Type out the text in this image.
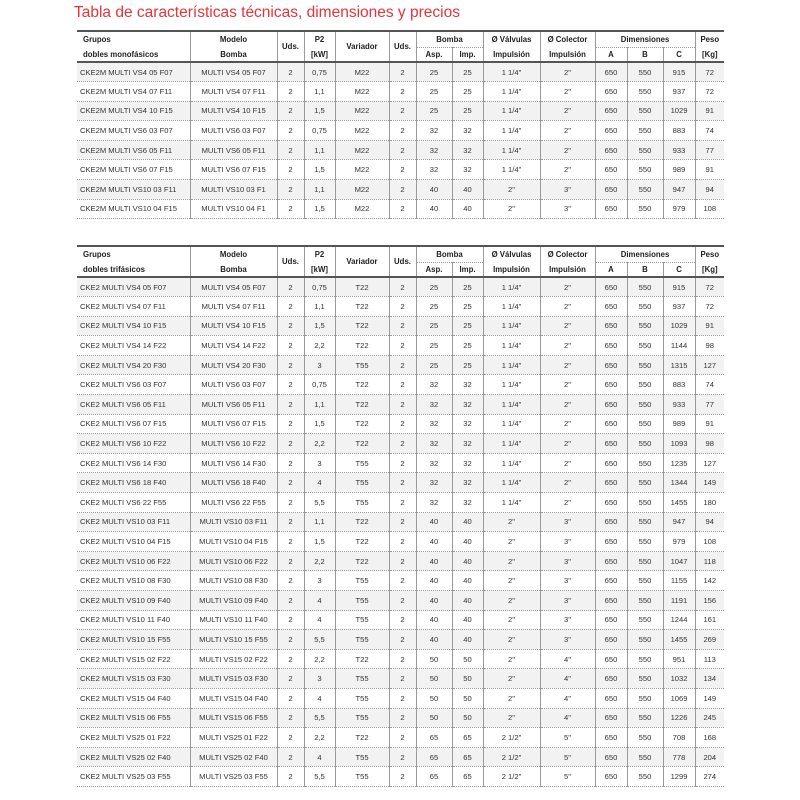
Tabla de características técnicas, dimensiones y precios
Grupos	Modelo	Uds.	P2	Variador	Uds.	Bomba		Ø Válvulas	Ø Colector	Dimensiones			Peso
dobles monofásicos	Bomba		[kW]			Asp.	Imp.	Impulsión	Impulsión	A	B	C	[Kg]
CKE2M MULTI VS4 05 F07	MULTI VS4 05 F07	2	0,75	M22	2	25	25	1 1/4"	2"	650	550	915	72
CKE2M MULTI VS4 07 F11	MULTI VS4 07 F11	2	1,1	M22	2	25	25	1 1/4"	2"	650	550	937	72
CKE2M MULTI VS4 10 F15	MULTI VS4 10 F15	2	1,5	M22	2	25	25	1 1/4"	2"	650	550	1029	91
CKE2M MULTI VS6 03 F07	MULTI VS6 03 F07	2	0,75	M22	2	32	32	1 1/4"	2"	650	550	883	74
CKE2M MULTI VS6 05 F11	MULTI VS6 05 F11	2	1,1	M22	2	32	32	1 1/4"	2"	650	550	933	77
CKE2M MULTI VS6 07 F15	MULTI VS6 07 F15	2	1,5	M22	2	32	32	1 1/4"	2"	650	550	989	91
CKE2M MULTI VS10 03 F11	MULTI VS10 03 F1	2	1,1	M22	2	40	40	2"	3"	650	550	947	94
CKE2M MULTI VS10 04 F15	MULTI VS10 04 F1	2	1,5	M22	2	40	40	2"	3"	650	550	979	108
Grupos	Modelo	Uds.	P2	Variador	Uds.	Bomba		Ø Válvulas	Ø Colector	Dimensiones			Peso
dobles trifásicos	Bomba		[kW]			Asp.	Imp.	Impulsión	Impulsión	A	B	C	[Kg]
CKE2 MULTI VS4 05 F07	MULTI VS4 05 F07	2	0,75	T22	2	25	25	1 1/4"	2"	650	550	915	72
CKE2 MULTI VS4 07 F11	MULTI VS4 07 F11	2	1,1	T22	2	25	25	1 1/4"	2"	650	550	937	72
CKE2 MULTI VS4 10 F15	MULTI VS4 10 F15	2	1,5	T22	2	25	25	1 1/4"	2"	650	550	1029	91
CKE2 MULTI VS4 14 F22	MULTI VS4 14 F22	2	2,2	T22	2	25	25	1 1/4"	2"	650	550	1144	98
CKE2 MULTI VS4 20 F30	MULTI VS4 20 F30	2	3	T55	2	25	25	1 1/4"	2"	650	550	1315	127
CKE2 MULTI VS6 03 F07	MULTI VS6 03 F07	2	0,75	T22	2	32	32	1 1/4"	2"	650	550	883	74
CKE2 MULTI VS6 05 F11	MULTI VS6 05 F11	2	1,1	T22	2	32	32	1 1/4"	2"	650	550	933	77
CKE2 MULTI VS6 07 F15	MULTI VS6 07 F15	2	1,5	T22	2	32	32	1 1/4"	2"	650	550	989	91
CKE2 MULTI VS6 10 F22	MULTI VS6 10 F22	2	2,2	T22	2	32	32	1 1/4"	2"	650	550	1093	98
CKE2 MULTI VS6 14 F30	MULTI VS6 14 F30	2	3	T55	2	32	32	1 1/4"	2"	650	550	1235	127
CKE2 MULTI VS6 18 F40	MULTI VS6 18 F40	2	4	T55	2	32	32	1 1/4"	2"	650	550	1344	149
CKE2 MULTI VS6 22 F55	MULTI VS6 22 F55	2	5,5	T55	2	32	32	1 1/4"	2"	650	550	1455	180
CKE2 MULTI VS10 03 F11	MULTI VS10 03 F11	2	1,1	T22	2	40	40	2"	3"	650	550	947	94
CKE2 MULTI VS10 04 F15	MULTI VS10 04 F15	2	1,5	T22	2	40	40	2"	3"	650	550	979	108
CKE2 MULTI VS10 06 F22	MULTI VS10 06 F22	2	2,2	T22	2	40	40	2"	3"	650	550	1047	118
CKE2 MULTI VS10 08 F30	MULTI VS10 08 F30	2	3	T55	2	40	40	2"	3"	650	550	1155	142
CKE2 MULTI VS10 09 F40	MULTI VS10 09 F40	2	4	T55	2	40	40	2"	3"	650	550	1191	156
CKE2 MULTI VS10 11 F40	MULTI VS10 11 F40	2	4	T55	2	40	40	2"	3"	650	550	1244	161
CKE2 MULTI VS10 15 F55	MULTI VS10 15 F55	2	5,5	T55	2	40	40	2"	3"	650	550	1455	269
CKE2 MULTI VS15 02 F22	MULTI VS15 02 F22	2	2,2	T22	2	50	50	2"	4"	650	550	951	113
CKE2 MULTI VS15 03 F30	MULTI VS15 03 F30	2	3	T55	2	50	50	2"	4"	650	550	1032	134
CKE2 MULTI VS15 04 F40	MULTI VS15 04 F40	2	4	T55	2	50	50	2"	4"	650	550	1069	149
CKE2 MULTI VS15 06 F55	MULTI VS15 06 F55	2	5,5	T55	2	50	50	2"	4"	650	550	1226	245
CKE2 MULTI VS25 01 F22	MULTI VS25 01 F22	2	2,2	T22	2	65	65	2 1/2"	5"	650	550	708	168
CKE2 MULTI VS25 02 F40	MULTI VS25 02 F40	2	4	T55	2	65	65	2 1/2"	5"	650	550	778	204
CKE2 MULTI VS25 03 F55	MULTI VS25 03 F55	2	5,5	T55	2	65	65	2 1/2"	5"	650	550	1299	274
